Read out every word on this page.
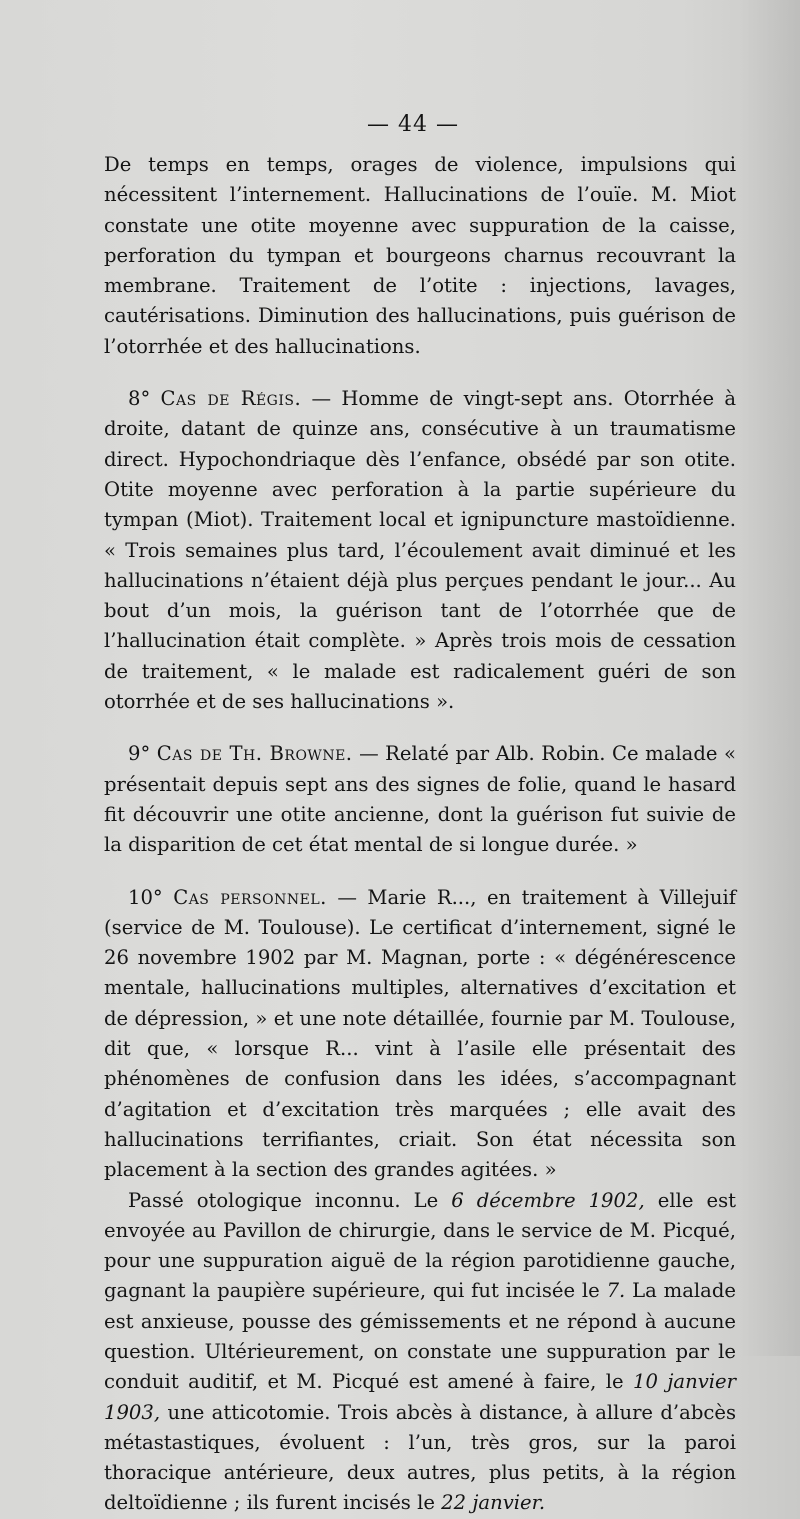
— 44 —

De temps en temps, orages de violence, impulsions qui nécessitent l’internement. Hallucinations de l’ouïe. M. Miot constate une otite moyenne avec suppuration de la caisse, perforation du tympan et bourgeons charnus recouvrant la membrane. Traitement de l’otite : injections, lavages, cautérisations. Diminution des hallucinations, puis guérison de l’otorrhée et des hallucinations.

8° Cas de Régis. — Homme de vingt-sept ans. Otorrhée à droite, datant de quinze ans, consécutive à un traumatisme direct. Hypochondriaque dès l’enfance, obsédé par son otite. Otite moyenne avec perforation à la partie supérieure du tympan (Miot). Traitement local et ignipuncture mastoïdienne. « Trois semaines plus tard, l’écoulement avait diminué et les hallucinations n’étaient déjà plus perçues pendant le jour... Au bout d’un mois, la guérison tant de l’otorrhée que de l’hallucination était complète. » Après trois mois de cessation de traitement, « le malade est radicalement guéri de son otorrhée et de ses hallucinations ».

9° Cas de Th. Browne. — Relaté par Alb. Robin. Ce malade « présentait depuis sept ans des signes de folie, quand le hasard fit découvrir une otite ancienne, dont la guérison fut suivie de la disparition de cet état mental de si longue durée. »

10° Cas personnel. — Marie R..., en traitement à Villejuif (service de M. Toulouse). Le certificat d’internement, signé le 26 novembre 1902 par M. Magnan, porte : « dégénérescence mentale, hallucinations multiples, alternatives d’excitation et de dépression, » et une note détaillée, fournie par M. Toulouse, dit que, « lorsque R... vint à l’asile elle présentait des phénomènes de confusion dans les idées, s’accompagnant d’agitation et d’excitation très marquées ; elle avait des hallucinations terrifiantes, criait. Son état nécessita son placement à la section des grandes agitées. »

Passé otologique inconnu. Le 6 décembre 1902, elle est envoyée au Pavillon de chirurgie, dans le service de M. Picqué, pour une suppuration aiguë de la région parotidienne gauche, gagnant la paupière supérieure, qui fut incisée le 7. La malade est anxieuse, pousse des gémissements et ne répond à aucune question. Ultérieurement, on constate une suppuration par le conduit auditif, et M. Picqué est amené à faire, le 10 janvier 1903, une atticotomie. Trois abcès à distance, à allure d’abcès métastastiques, évoluent : l’un, très gros, sur la paroi thoracique antérieure, deux autres, plus petits, à la région deltoïdienne ; ils furent incisés le 22 janvier.
